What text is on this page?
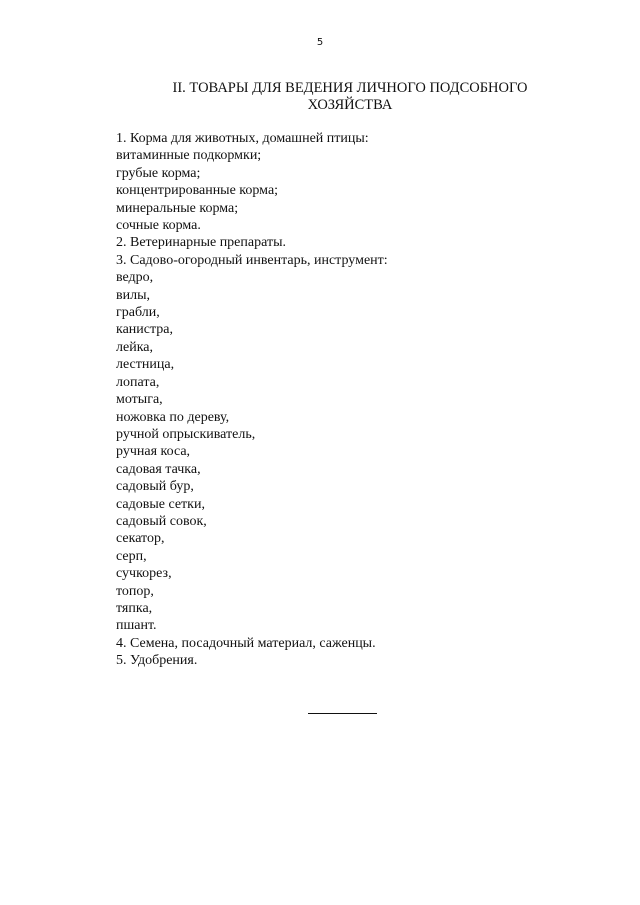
5
II. ТОВАРЫ ДЛЯ ВЕДЕНИЯ ЛИЧНОГО ПОДСОБНОГО
ХОЗЯЙСТВА
1. Корма для животных, домашней птицы:
витаминные подкормки;
грубые корма;
концентрированные корма;
минеральные корма;
сочные корма.
2. Ветеринарные препараты.
3. Садово-огородный инвентарь, инструмент:
ведро,
вилы,
грабли,
канистра,
лейка,
лестница,
лопата,
мотыга,
ножовка по дереву,
ручной опрыскиватель,
ручная коса,
садовая тачка,
садовый бур,
садовые сетки,
садовый совок,
секатор,
серп,
сучкорез,
топор,
тяпка,
пшант.
4. Семена, посадочный материал, саженцы.
5. Удобрения.
